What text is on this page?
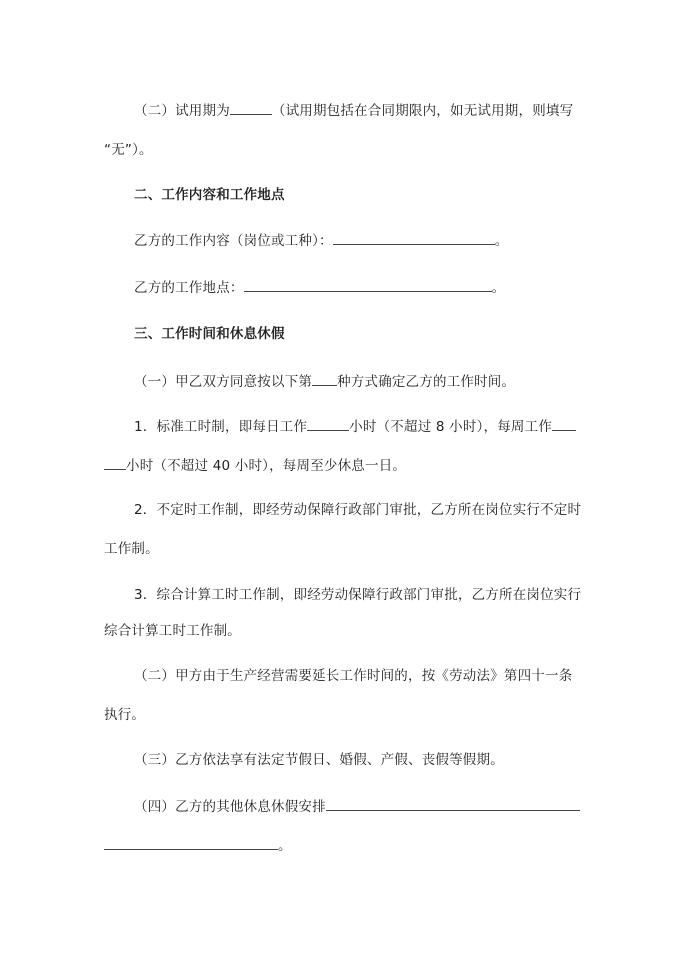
（二）试用期为	（试用期包括在合同期限内，如无试用期，则填写
“无”）。
二、工作内容和工作地点
乙方的工作内容（岗位或工种）：	。
乙方的工作地点：	。
三、工作时间和休息休假
（一）甲乙双方同意按以下第 种方式确定乙方的工作时间。
1．标准工时制，即每日工作	小时（不超过 8 小时），每周工作
小时（不超过 40 小时），每周至少休息一日。
2．不定时工作制，即经劳动保障行政部门审批，乙方所在岗位实行不定时
工作制。
3．综合计算工时工作制，即经劳动保障行政部门审批，乙方所在岗位实行
综合计算工时工作制。
（二）甲方由于生产经营需要延长工作时间的，按《劳动法》第四十一条
执行。
（三）乙方依法享有法定节假日、婚假、产假、丧假等假期。
（四）乙方的其他休息休假安排
。
